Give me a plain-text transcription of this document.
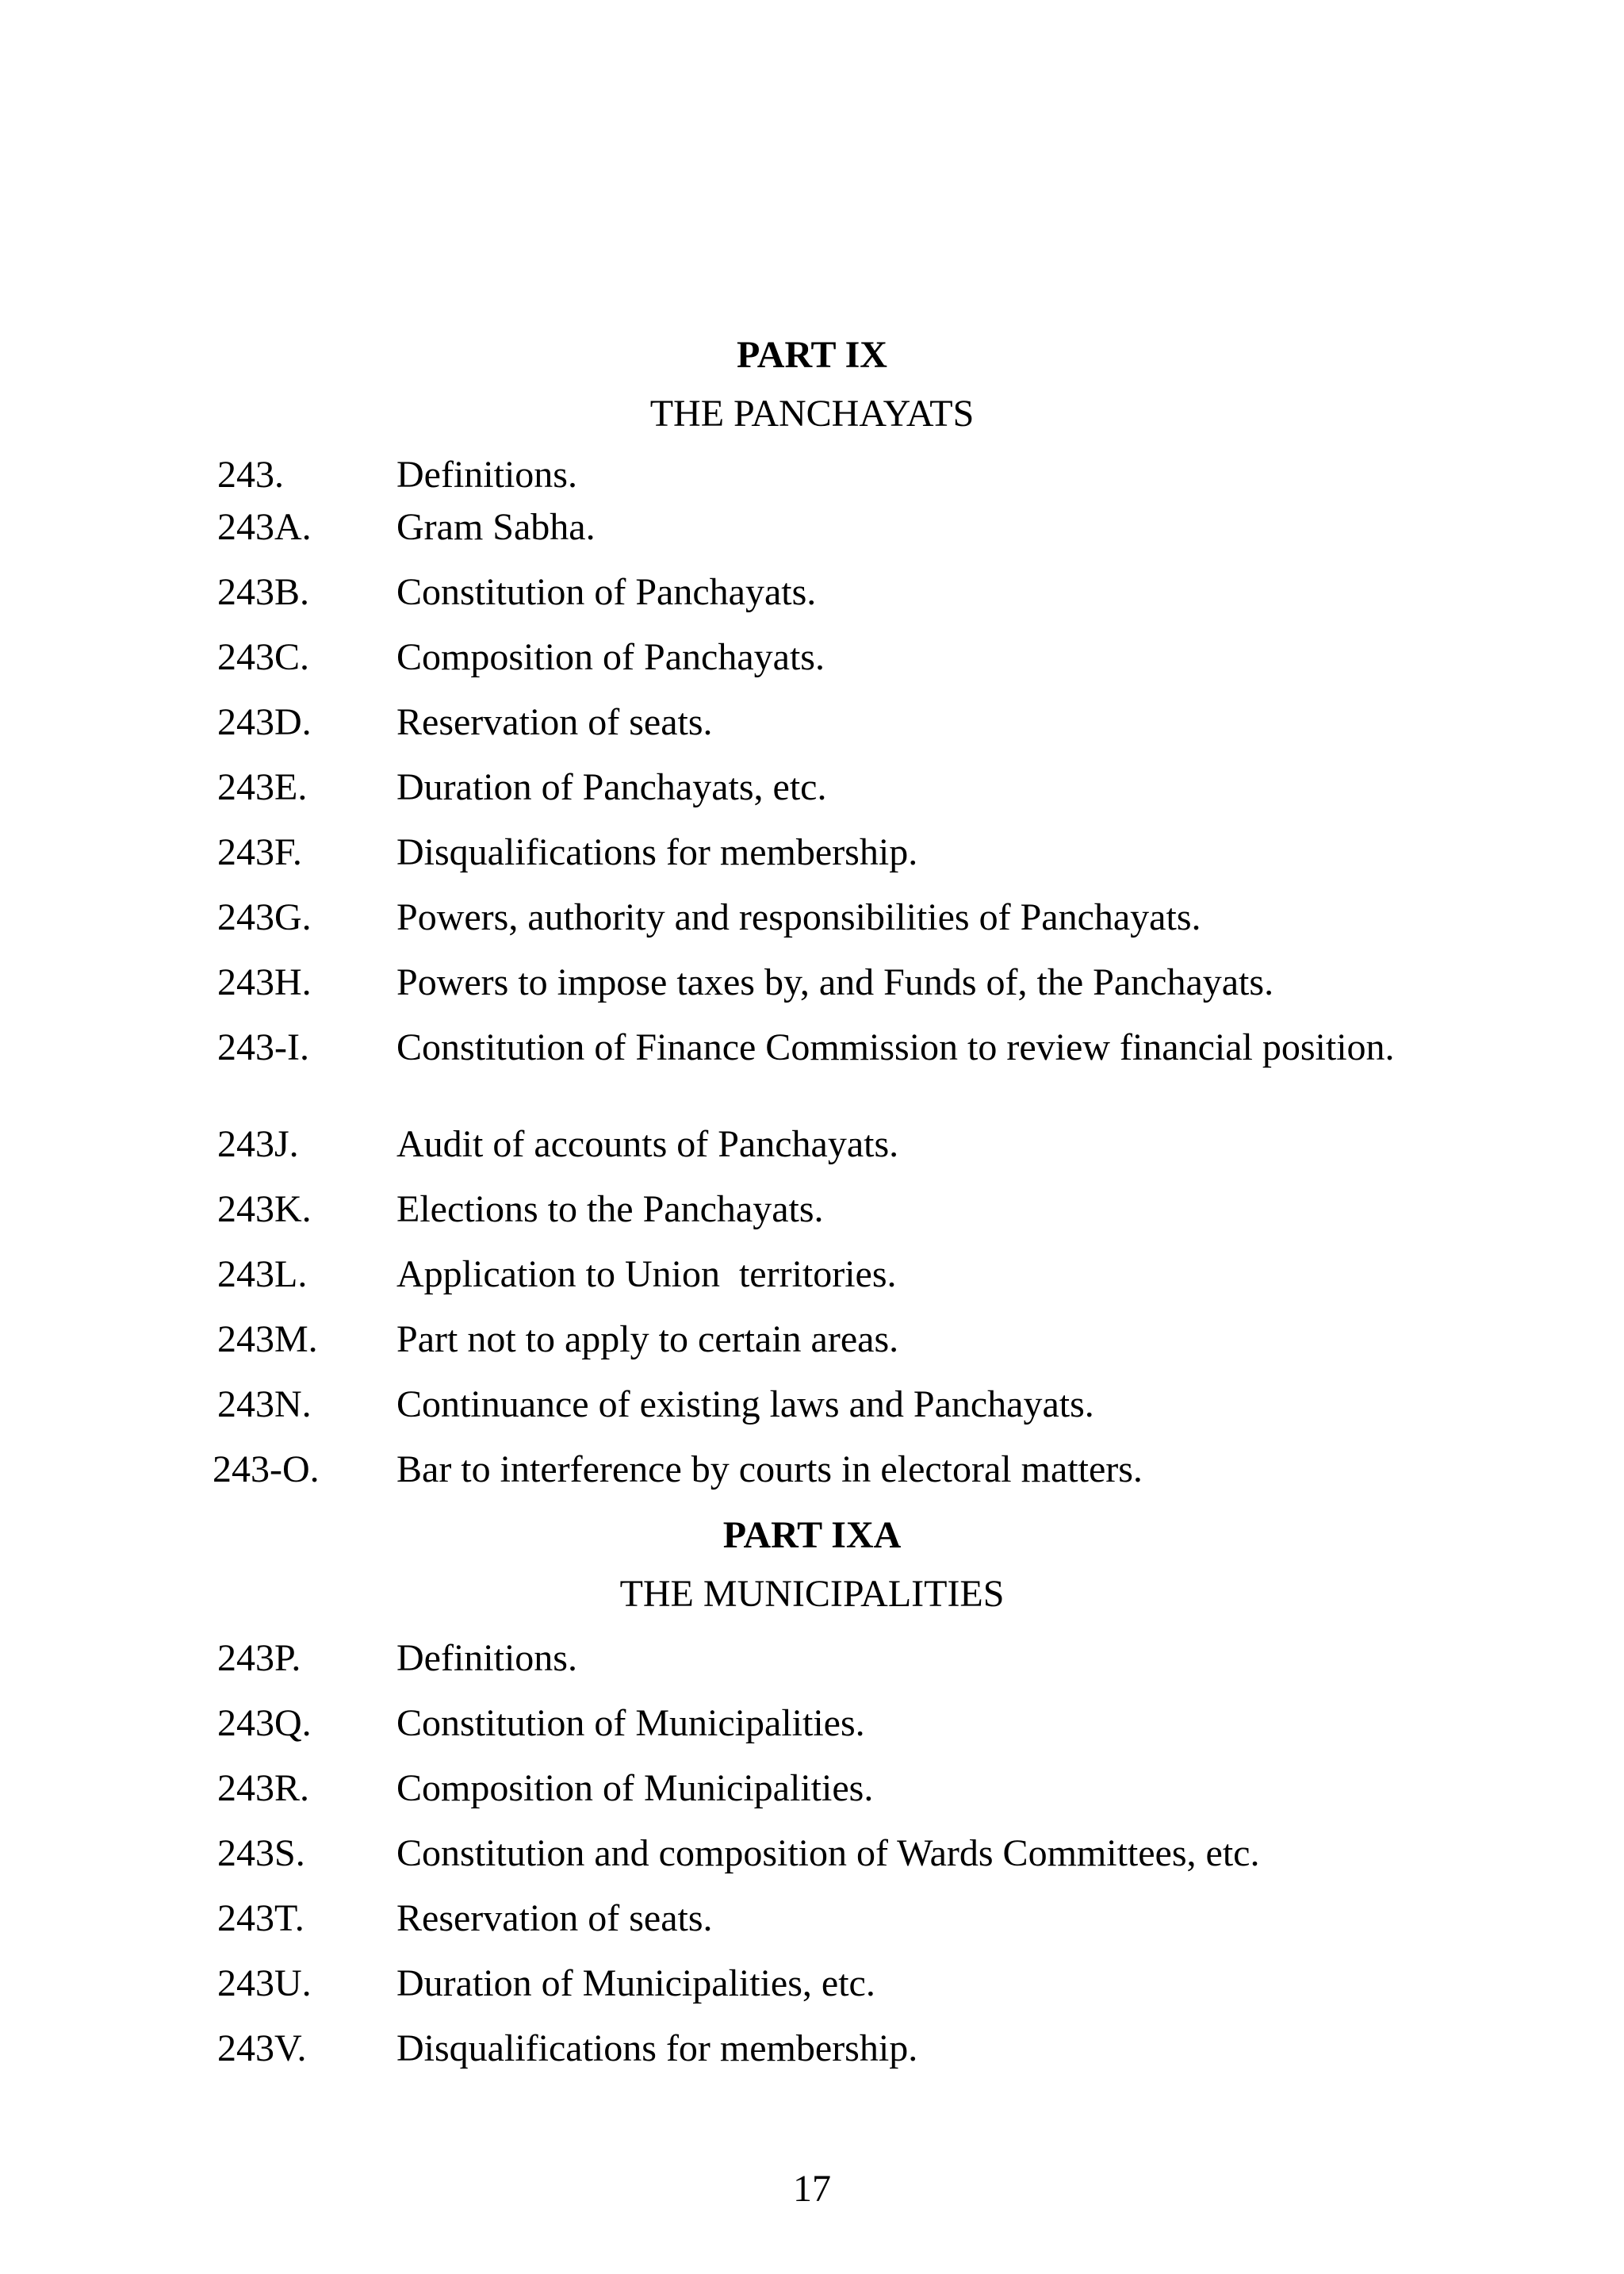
PART IX
THE PANCHAYATS
243.	Definitions.
243A. Gram Sabha.
243B. Constitution of Panchayats.
243C. Composition of Panchayats.
243D. Reservation of seats.
243E. Duration of Panchayats, etc.
243F. Disqualifications for membership.
243G. Powers, authority and responsibilities of Panchayats.
243H. Powers to impose taxes by, and Funds of, the Panchayats.
243-I. Constitution of Finance Commission to review financial position.
243J.	Audit of accounts of Panchayats.
243K. Elections to the Panchayats.
243L. Application to Union  territories.
243M. Part not to apply to certain areas.
243N. Continuance of existing laws and Panchayats.
243-O. Bar to interference by courts in electoral matters.
PART IXA
THE MUNICIPALITIES
243P.	Definitions.
243Q. Constitution of Municipalities.
243R. Composition of Municipalities.
243S. Constitution and composition of Wards Committees, etc.
243T. Reservation of seats.
243U. Duration of Municipalities, etc.
243V. Disqualifications for membership.
17
